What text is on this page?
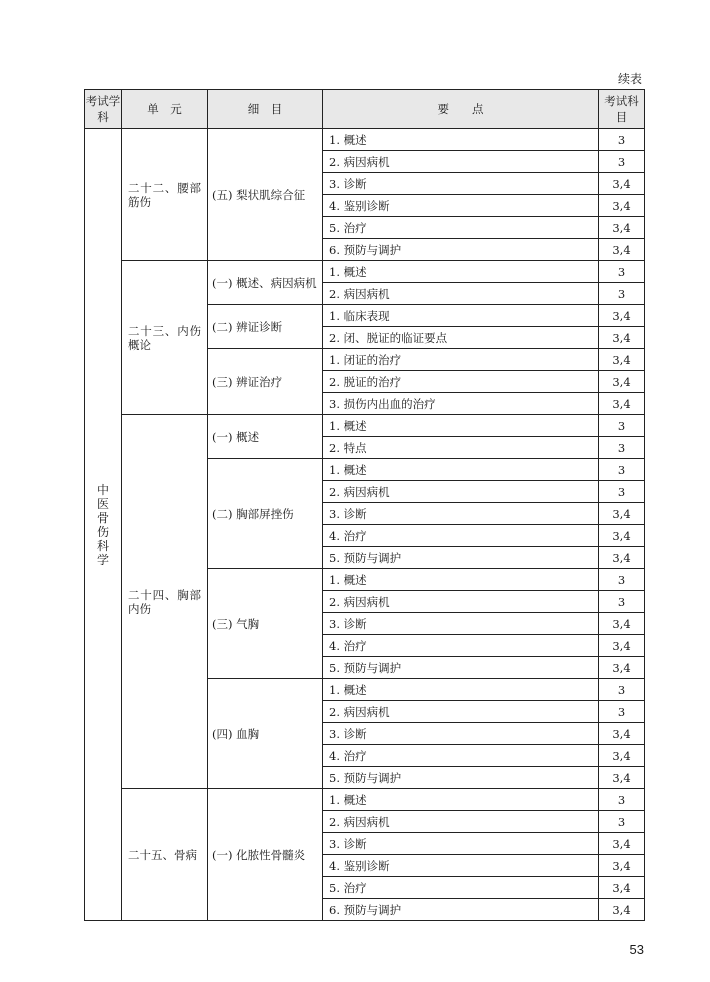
续表
考试学科	单　元	细　目	要　　点	考试科目

中医骨伤科学	二十二、腰部筋伤	(五) 梨状肌综合征	1. 概述	3
			2. 病因病机	3
			3. 诊断	3,4
			4. 鉴别诊断	3,4
			5. 治疗	3,4
			6. 预防与调护	3,4
	二十三、内伤概论	(一) 概述、病因病机	1. 概述	3
			2. 病因病机	3
		(二) 辨证诊断	1. 临床表现	3,4
			2. 闭、脱证的临证要点	3,4
		(三) 辨证治疗	1. 闭证的治疗	3,4
			2. 脱证的治疗	3,4
			3. 损伤内出血的治疗	3,4
	二十四、胸部内伤	(一) 概述	1. 概述	3
			2. 特点	3
		(二) 胸部屏挫伤	1. 概述	3
			2. 病因病机	3
			3. 诊断	3,4
			4. 治疗	3,4
			5. 预防与调护	3,4
		(三) 气胸	1. 概述	3
			2. 病因病机	3
			3. 诊断	3,4
			4. 治疗	3,4
			5. 预防与调护	3,4
		(四) 血胸	1. 概述	3
			2. 病因病机	3
			3. 诊断	3,4
			4. 治疗	3,4
			5. 预防与调护	3,4
	二十五、骨病	(一) 化脓性骨髓炎	1. 概述	3
			2. 病因病机	3
			3. 诊断	3,4
			4. 鉴别诊断	3,4
			5. 治疗	3,4
			6. 预防与调护	3,4
53
